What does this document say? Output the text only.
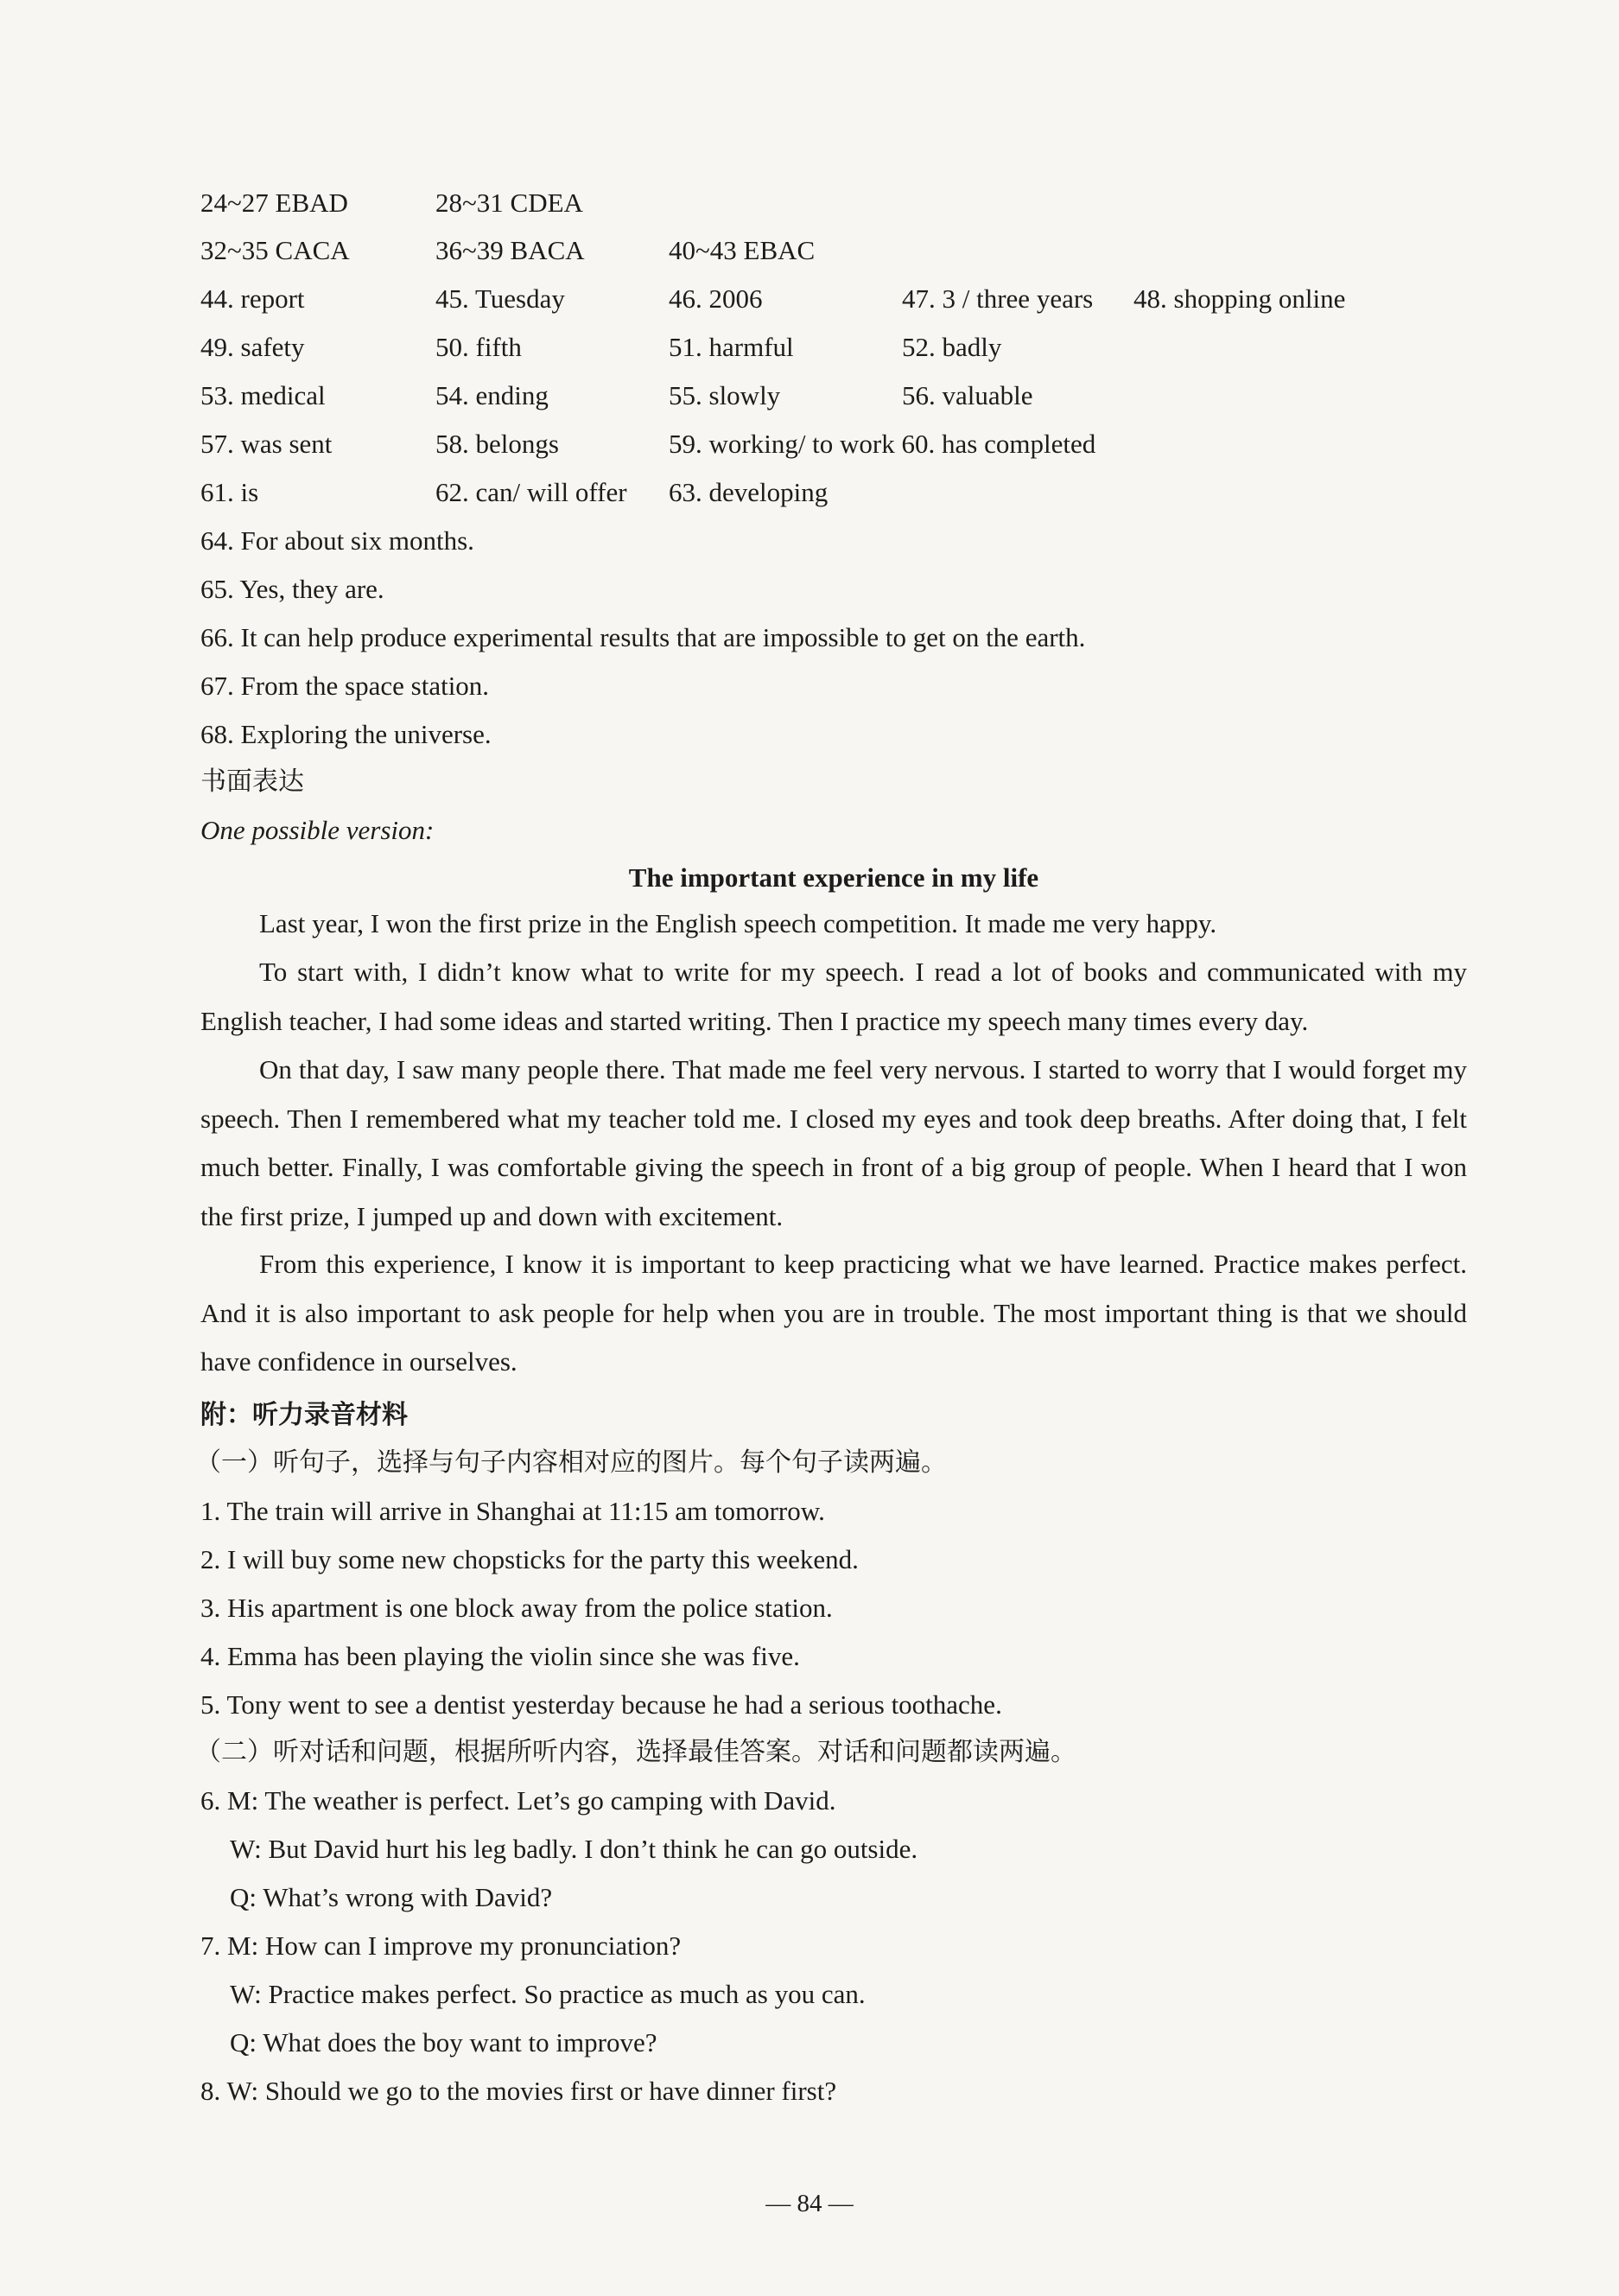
24~27 EBAD	28~31 CDEA
32~35 CACA	36~39 BACA	40~43 EBAC
44. report	45. Tuesday	46. 2006	47. 3 / three years 48. shopping online
49. safety	50. fifth	51. harmful	52. badly
53. medical	54. ending	55. slowly	56. valuable
57. was sent	58. belongs	59. working/ to work 60. has completed
61. is	62. can/ will offer 63. developing
64. For about six months.
65. Yes, they are.
66. It can help produce experimental results that are impossible to get on the earth.
67. From the space station.
68. Exploring the universe.
书面表达
One possible version:
The important experience in my life
Last year, I won the first prize in the English speech competition. It made me very happy.
To start with, I didn’t know what to write for my speech. I read a lot of books and communicated with my English teacher, I had some ideas and started writing. Then I practice my speech many times every day.
On that day, I saw many people there. That made me feel very nervous. I started to worry that I would forget my speech. Then I remembered what my teacher told me. I closed my eyes and took deep breaths. After doing that, I felt much better. Finally, I was comfortable giving the speech in front of a big group of people. When I heard that I won the first prize, I jumped up and down with excitement.
From this experience, I know it is important to keep practicing what we have learned. Practice makes perfect. And it is also important to ask people for help when you are in trouble. The most important thing is that we should have confidence in ourselves.
附：听力录音材料
（一）听句子，选择与句子内容相对应的图片。每个句子读两遍。
1. The train will arrive in Shanghai at 11:15 am tomorrow.
2. I will buy some new chopsticks for the party this weekend.
3. His apartment is one block away from the police station.
4. Emma has been playing the violin since she was five.
5. Tony went to see a dentist yesterday because he had a serious toothache.
（二）听对话和问题，根据所听内容，选择最佳答案。对话和问题都读两遍。
6. M: The weather is perfect. Let’s go camping with David.
W: But David hurt his leg badly. I don’t think he can go outside.
Q: What’s wrong with David?
7. M: How can I improve my pronunciation?
W: Practice makes perfect. So practice as much as you can.
Q: What does the boy want to improve?
8. W: Should we go to the movies first or have dinner first?
— 84 —
